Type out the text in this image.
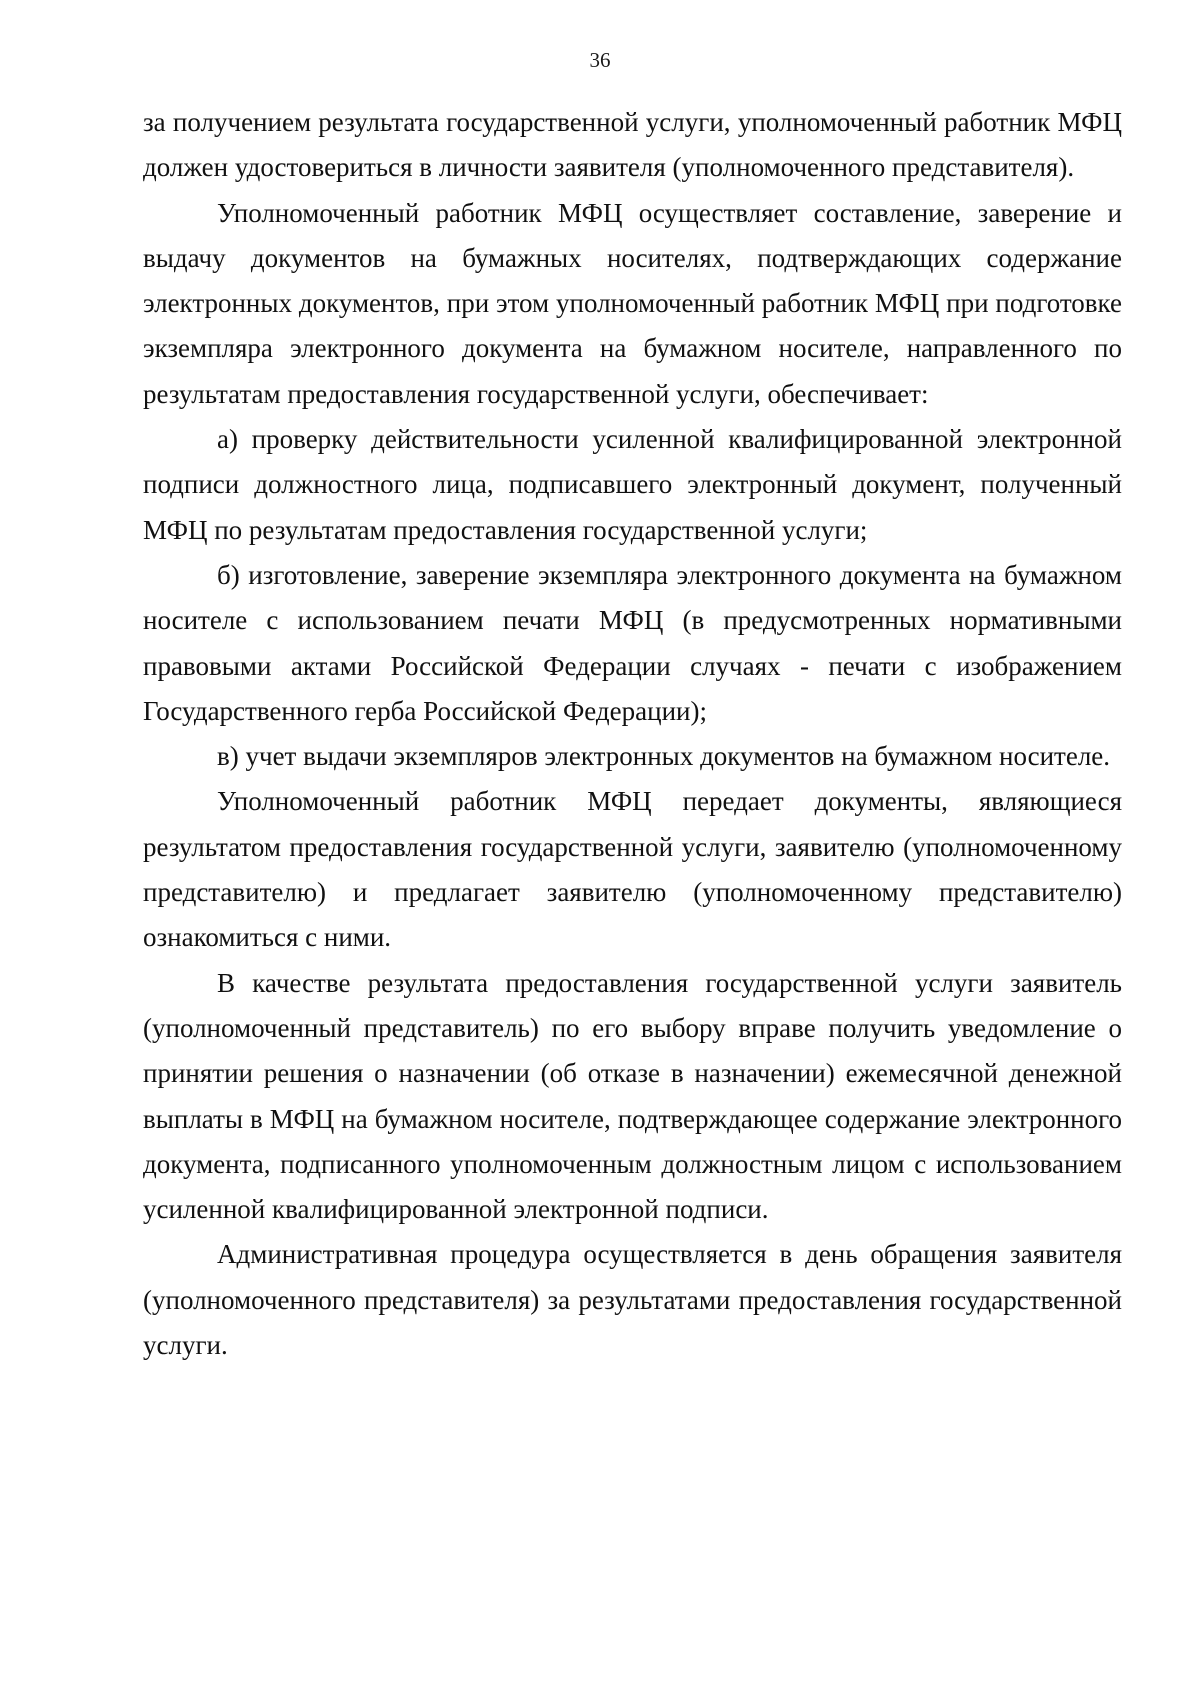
36

за получением результата государственной услуги, уполномоченный работник МФЦ должен удостовериться в личности заявителя (уполномоченного представителя).

Уполномоченный работник МФЦ осуществляет составление, заверение и выдачу документов на бумажных носителях, подтверждающих содержание электронных документов, при этом уполномоченный работник МФЦ при подготовке экземпляра электронного документа на бумажном носителе, направленного по результатам предоставления государственной услуги, обеспечивает:

а) проверку действительности усиленной квалифицированной электронной подписи должностного лица, подписавшего электронный документ, полученный МФЦ по результатам предоставления государственной услуги;

б) изготовление, заверение экземпляра электронного документа на бумажном носителе с использованием печати МФЦ (в предусмотренных нормативными правовыми актами Российской Федерации случаях - печати с изображением Государственного герба Российской Федерации);

в) учет выдачи экземпляров электронных документов на бумажном носителе.

Уполномоченный работник МФЦ передает документы, являющиеся результатом предоставления государственной услуги, заявителю (уполномоченному представителю) и предлагает заявителю (уполномоченному представителю) ознакомиться с ними.

В качестве результата предоставления государственной услуги заявитель (уполномоченный представитель) по его выбору вправе получить уведомление о принятии решения о назначении (об отказе в назначении) ежемесячной денежной выплаты в МФЦ на бумажном носителе, подтверждающее содержание электронного документа, подписанного уполномоченным должностным лицом с использованием усиленной квалифицированной электронной подписи.

Административная процедура осуществляется в день обращения заявителя (уполномоченного представителя) за результатами предоставления государственной услуги.
